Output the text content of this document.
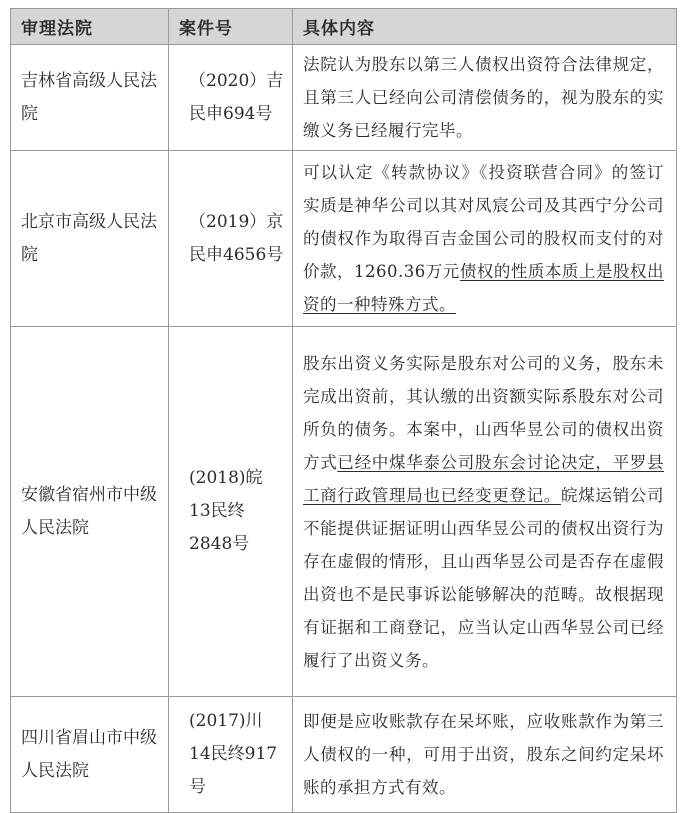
审理法院	案件号	具体内容
吉林省高级人民法院	（2020）吉民申694号	法院认为股东以第三人债权出资符合法律规定，且第三人已经向公司清偿债务的，视为股东的实缴义务已经履行完毕。
北京市高级人民法院	（2019）京民申4656号	可以认定《转款协议》《投资联营合同》的签订实质是神华公司以其对凤宸公司及其西宁分公司的债权作为取得百吉金国公司的股权而支付的对价款，1260.36万元债权的性质本质上是股权出资的一种特殊方式。
安徽省宿州市中级人民法院	(2018)皖13民终2848号	股东出资义务实际是股东对公司的义务，股东未完成出资前，其认缴的出资额实际系股东对公司所负的债务。本案中，山西华昱公司的债权出资方式已经中煤华泰公司股东会讨论决定，平罗县工商行政管理局也已经变更登记。皖煤运销公司不能提供证据证明山西华昱公司的债权出资行为存在虚假的情形，且山西华昱公司是否存在虚假出资也不是民事诉讼能够解决的范畴。故根据现有证据和工商登记，应当认定山西华昱公司已经履行了出资义务。
四川省眉山市中级人民法院	(2017)川14民终917号	即便是应收账款存在呆坏账，应收账款作为第三人债权的一种，可用于出资，股东之间约定呆坏账的承担方式有效。
